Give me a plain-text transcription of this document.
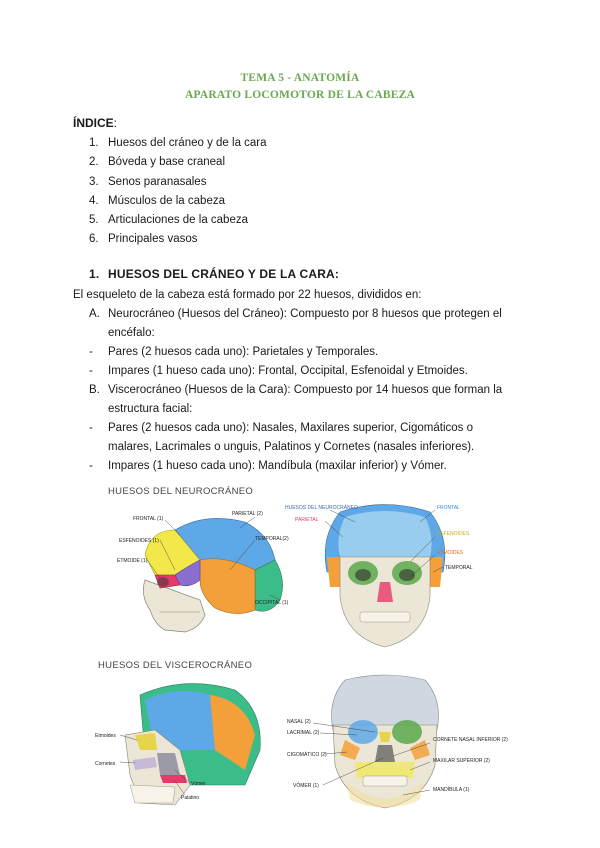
TEMA 5 - ANATOMÍA
APARATO LOCOMOTOR DE LA CABEZA
ÍNDICE:
1. Huesos del cráneo y de la cara
2. Bóveda y base craneal
3. Senos paranasales
4. Músculos de la cabeza
5. Articulaciones de la cabeza
6. Principales vasos
1. HUESOS DEL CRÁNEO Y DE LA CARA:
El esqueleto de la cabeza está formado por 22 huesos, divididos en:
A. Neurocráneo (Huesos del Cráneo): Compuesto por 8 huesos que protegen el encéfalo:
-	Pares (2 huesos cada uno): Parietales y Temporales.
-	Impares (1 hueso cada uno): Frontal, Occipital, Esfenoidal y Etmoides.
B. Viscerocráneo (Huesos de la Cara): Compuesto por 14 huesos que forman la estructura facial:
-	Pares (2 huesos cada uno): Nasales, Maxilares superior, Cigomáticos o malares, Lacrimales o unguis, Palatinos y Cornetes (nasales inferiores).
-	Impares (1 hueso cada uno): Mandíbula (maxilar inferior) y Vómer.
HUESOS DEL NEUROCRÁNEO
FRONTAL (1)
PARIETAL (2)
ESFENOIDES (1)	TEMPORAL(2)
ETMOIDE (1)
OCCIPITAL (1)
HUESOS DEL NEUROCRÁNEO
PARIETAL
FRONTAL
ESFENOIDES
ETMOIDES
TEMPORAL
HUESOS DEL VISCEROCRÁNEO
Etmoides
Cornetes
Vómer
Palatino
NASAL (2)
LACRIMAL (2)
CIGOMÁTICO (2)
VÓMER (1)
CORNETE NASAL INFERIOR (2)
MAXILAR SUPERIOR (2)
MANDÍBULA (1)
